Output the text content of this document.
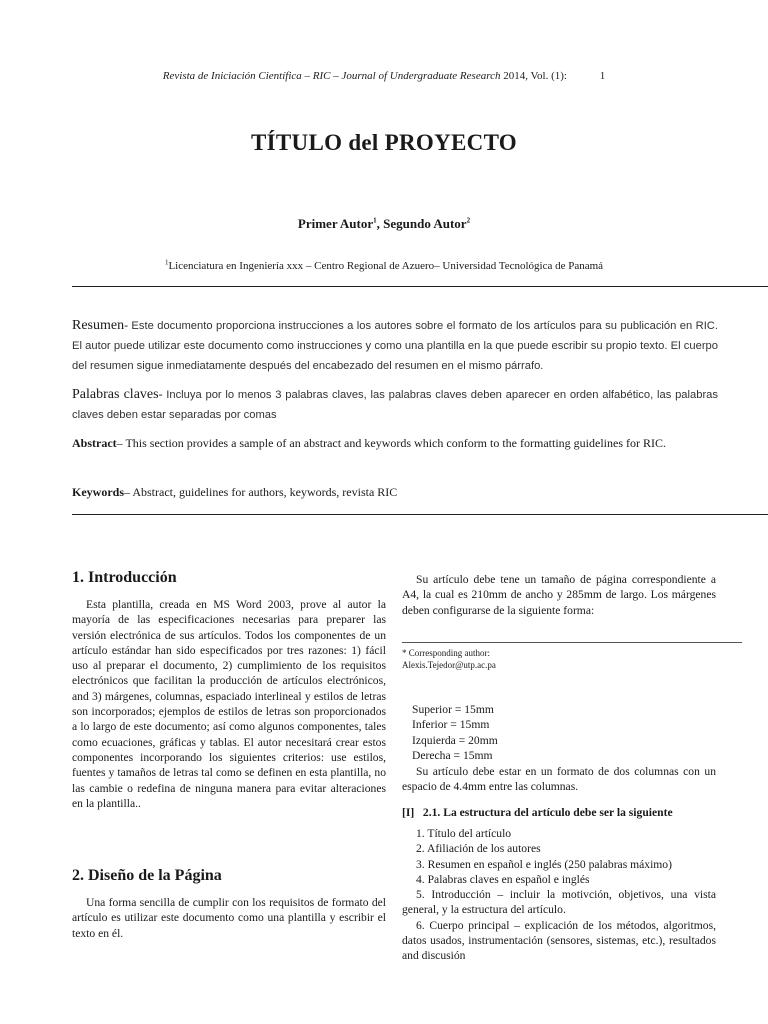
Revista de Iniciación Científica – RIC – Journal of Undergraduate Research 2014, Vol. (1):	1
TÍTULO del PROYECTO
Primer Autor$^1$, Segundo Autor$^2$
$^1$Licenciatura en Ingeniería xxx – Centro Regional de Azuero– Universidad Tecnológica de Panamá
Resumen- Este documento proporciona instrucciones a los autores sobre el formato de los artículos para su publicación en RIC. El autor puede utilizar este documento como instrucciones y como una plantilla en la que puede escribir su propio texto. El cuerpo del resumen sigue inmediatamente después del encabezado del resumen en el mismo párrafo.
Palabras claves- Incluya por lo menos 3 palabras claves, las palabras claves deben aparecer en orden alfabético, las palabras claves deben estar separadas por comas
Abstract– This section provides a sample of an abstract and keywords which conform to the formatting guidelines for RIC.
Keywords– Abstract, guidelines for authors, keywords, revista RIC
1. Introducción
Esta plantilla, creada en MS Word 2003, prove al autor la mayoría de las especificaciones necesarias para preparer las versión electrónica de sus artículos. Todos los componentes de un artículo estándar han sido especificados por tres razones: 1) fácil uso al preparar el documento, 2) cumplimiento de los requisitos electrónicos que facilitan la producción de artículos electrónicos, and 3) márgenes, columnas, espaciado interlineal y estilos de letras son incorporados; ejemplos de estilos de letras son proporcionados a lo largo de este documento; así como algunos componentes, tales como ecuaciones, gráficas y tablas. El autor necesitará crear estos componentes incorporando los siguientes criterios: use estilos, fuentes y tamaños de letras tal como se definen en esta plantilla, no las cambie o redefina de ninguna manera para evitar alteraciones en la plantilla..
2. Diseño de la Página
Una forma sencilla de cumplir con los requisitos de formato del artículo es utilizar este documento como una plantilla y escribir el texto en él.
Su artículo debe tene un tamaño de página correspondiente a A4, la cual es 210mm de ancho y 285mm de largo. Los márgenes deben configurarse de la siguiente forma:
* Corresponding author:
Alexis.Tejedor@utp.ac.pa
Superior = 15mm
Inferior = 15mm
Izquierda = 20mm
Derecha = 15mm
Su artículo debe estar en un formato de dos columnas con un espacio de 4.4mm entre las columnas.
[I]   2.1. La estructura del artículo debe ser la siguiente
1. Título del artículo
2. Afiliación de los autores
3. Resumen en español e inglés (250 palabras máximo)
4. Palabras claves en español e inglés
5. Introducción – incluir la motivción, objetivos, una vista general, y la estructura del artículo.
6. Cuerpo principal – explicación de los métodos, algoritmos, datos usados, instrumentación (sensores, sistemas, etc.), resultados and discusión
